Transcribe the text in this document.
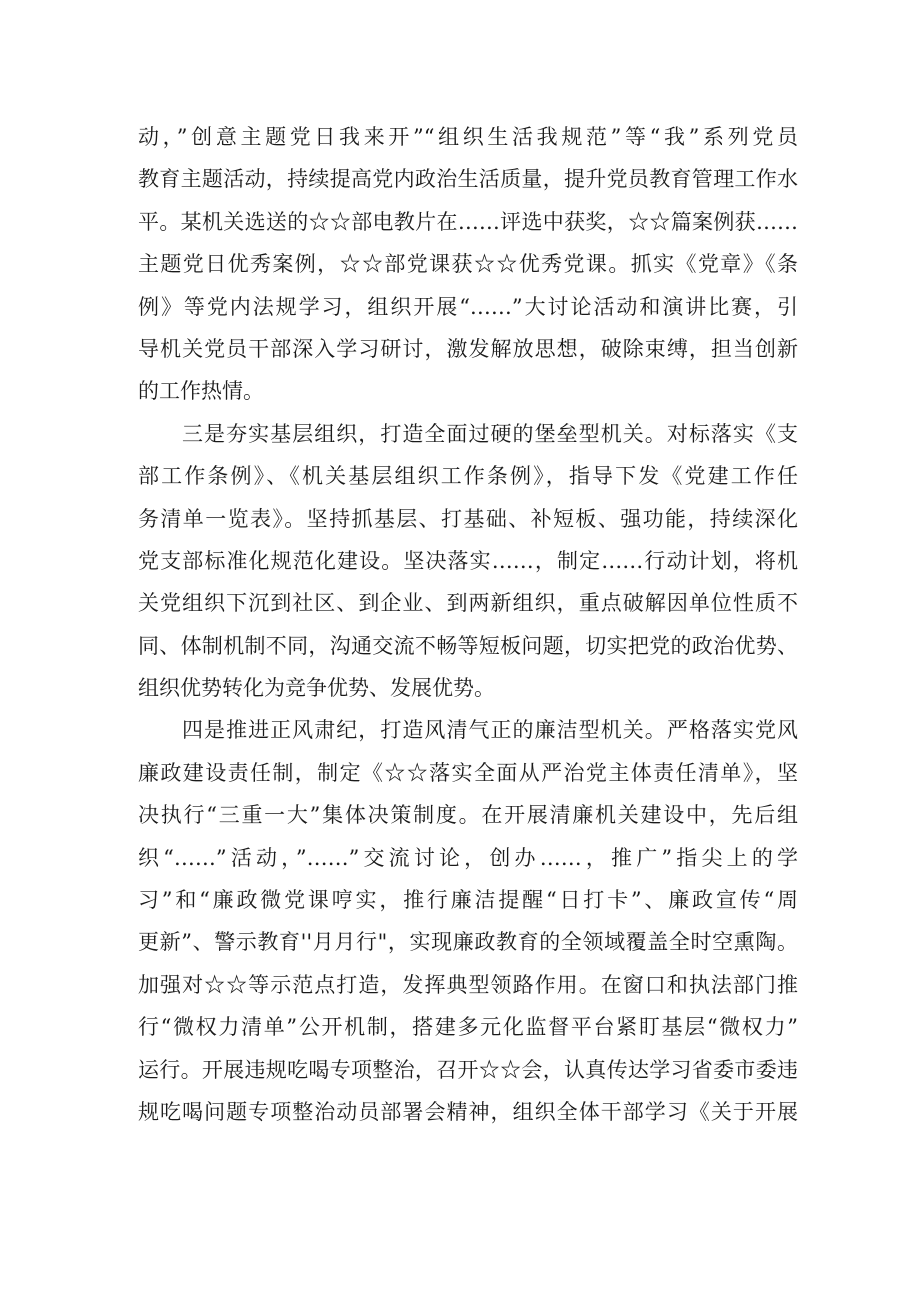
动，”创意主题党日我来开”“组织生活我规范”等“我”系列党员
教育主题活动，持续提高党内政治生活质量，提升党员教育管理工作水
平。某机关选送的☆☆部电教片在……评选中获奖，☆☆篇案例获……
主题党日优秀案例，☆☆部党课获☆☆优秀党课。抓实《党章》《条
例》等党内法规学习，组织开展“……”大讨论活动和演讲比赛，引
导机关党员干部深入学习研讨，激发解放思想，破除束缚，担当创新
的工作热情。
三是夯实基层组织，打造全面过硬的堡垒型机关。对标落实《支
部工作条例》、《机关基层组织工作条例》，指导下发《党建工作任
务清单一览表》。坚持抓基层、打基础、补短板、强功能，持续深化
党支部标准化规范化建设。坚决落实……，制定……行动计划，将机
关党组织下沉到社区、到企业、到两新组织，重点破解因单位性质不
同、体制机制不同，沟通交流不畅等短板问题，切实把党的政治优势、
组织优势转化为竞争优势、发展优势。
四是推进正风肃纪，打造风清气正的廉洁型机关。严格落实党风
廉政建设责任制，制定《☆☆落实全面从严治党主体责任清单》，坚
决执行“三重一大”集体决策制度。在开展清廉机关建设中，先后组
织“……”活动，”……”交流讨论，创办……，推广”指尖上的学
习”和“廉政微党课哼实，推行廉洁提醒“日打卡”、廉政宣传“周
更新”、警示教育''月月行"，实现廉政教育的全领域覆盖全时空熏陶。
加强对☆☆等示范点打造，发挥典型领路作用。在窗口和执法部门推
行“微权力清单”公开机制，搭建多元化监督平台紧盯基层“微权力”
运行。开展违规吃喝专项整治，召开☆☆会，认真传达学习省委市委违
规吃喝问题专项整治动员部署会精神，组织全体干部学习《关于开展
